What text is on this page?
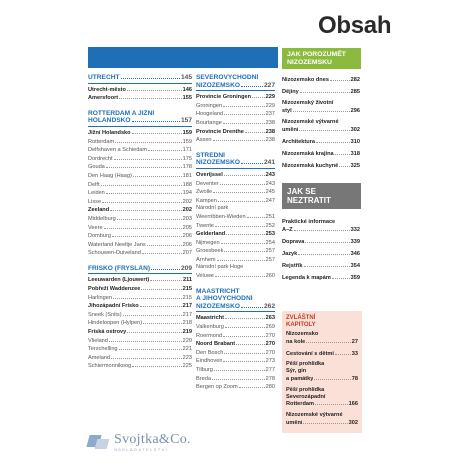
Obsah
UTRECHT	145
Utrecht-město	146
Amersfoort	155
ROTTERDAM A JIŽNÍ
HOLANDSKO	157
Jižní Holandsko	159
Rotterdam	159
Delfshaven a Schiedam	171
Dordrecht	175
Gouda	178
Den Haag (Haag)	181
Delft	188
Leiden	194
Lisse	202
Zeeland	202
Middelburg	203
Veere	205
Domburg	206
Waterland Neeltje Jans	206
Schouwen-Duiveland	207
FRÍSKO (FRYSLÂN)	209
Leeuwarden (Ljouwert)	211
Pobřeží Waddenzee	215
Harlingen	215
Jihozápadní Frísko	217
Sneek (Snits)	217
Hindeloopen (Hylpen)	218
Fríská ostrovy	219
Vlieland	220
Terschelling	221
Ameland	223
Schiermonnikoog	225
SEVEROVÝCHODNÍ
NIZOZEMSKO	227
Provincie Groningen	229
Groningen	229
Hoogeland	237
Bourtange	238
Provincie Drenthe	238
Assen	238
STŘEDNÍ
NIZOZEMSKO	241
Overijssel	243
Deventer	243
Zwolle	245
Kampen	247
Národní park
Weerribben-Wieden	251
Twente	252
Gelderland	253
Nijmegen	254
Groesbeek	257
Arnhem	257
Národní park Hoge
Veluwe	260
MAASTRICHT
A JIHOVÝCHODNÍ
NIZOZEMSKO	262
Maastricht	263
Valkenburg	269
Roermond	270
Noord Brabant	270
Den Bosch	270
Eindhoven	273
Tilburg	277
Breda	278
Bergen op Zoom	280
JAK POROZUMĚT
NIZOZEMSKU
Nizozemsko dnes	282
Dějiny	285
Nizozemský životní
styl	296
Nizozemské výtvarné
umění	302
Architektura	310
Nizozemská krajina	318
Nizozemská kuchyně 325
JAK SE
NEZTRATIT
Praktické informace
A–Z	332
Doprava	339
Jazyk	346
Rejstřík	354
Legenda k mapám	359
ZVLÁŠTNÍ
KAPITOLY
Nizozemsko
na kole	27
Cestování s dětmi	33
Pěší prohlídka
Sýr, gin
a památky	78
Pěší prohlídka
Severozápadní
Rotterdam	166
Nizozemské výtvarné
umění	302
Svojtka&Co.
NAKLADATELSTVÍ
